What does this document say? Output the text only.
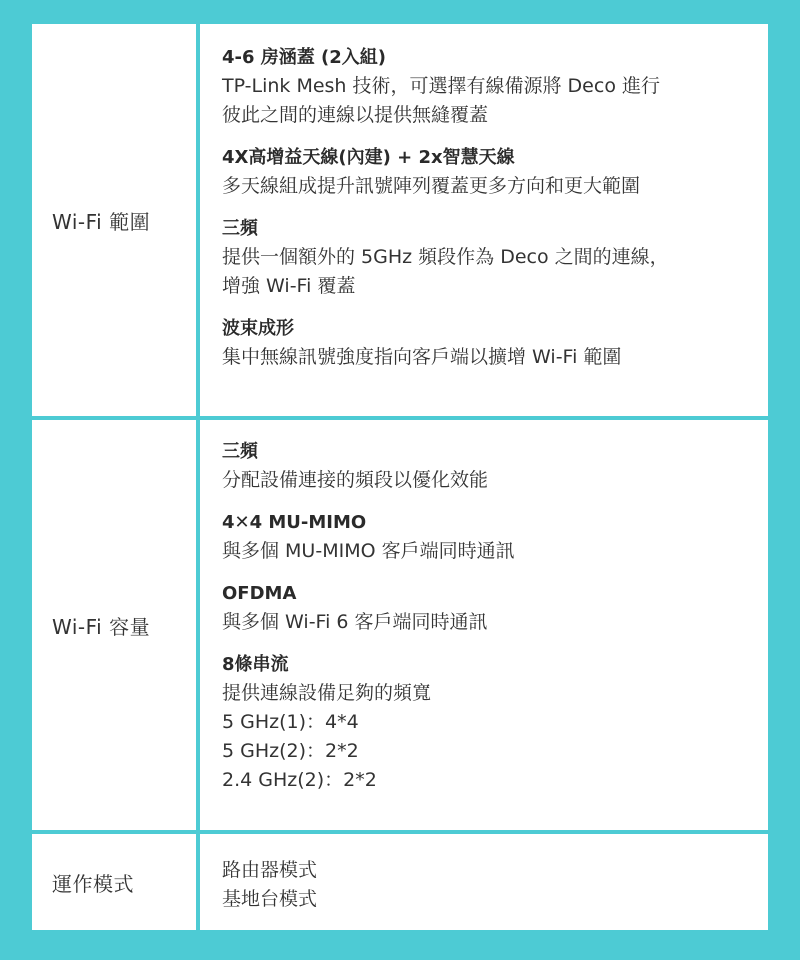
Wi-Fi 範圍
4-6 房涵蓋 (2入組)
TP-Link Mesh 技術，可選擇有線備源將 Deco 進行
彼此之間的連線以提供無縫覆蓋
4X高增益天線(內建) + 2x智慧天線
多天線組成提升訊號陣列覆蓋更多方向和更大範圍
三頻
提供一個額外的 5GHz 頻段作為 Deco 之間的連線，
增強 Wi-Fi 覆蓋
波束成形
集中無線訊號強度指向客戶端以擴增 Wi-Fi 範圍
Wi-Fi 容量
三頻
分配設備連接的頻段以優化效能
4✕4 MU-MIMO
與多個 MU-MIMO 客戶端同時通訊
OFDMA
與多個 Wi-Fi 6 客戶端同時通訊
8條串流
提供連線設備足夠的頻寬
5 GHz(1)：4*4
5 GHz(2)：2*2
2.4 GHz(2)：2*2
運作模式
路由器模式
基地台模式
